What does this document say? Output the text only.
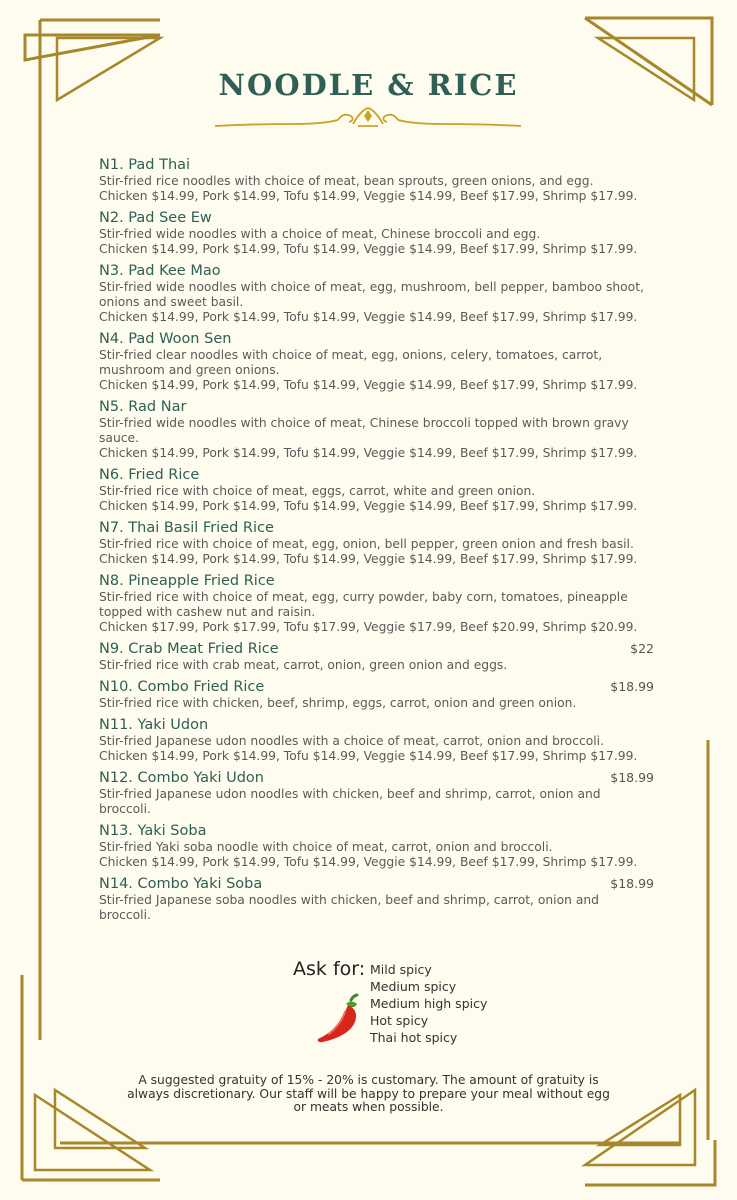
NOODLE & RICE
N1. Pad Thai
Stir-fried rice noodles with choice of meat, bean sprouts, green onions, and egg.
Chicken $14.99, Pork $14.99, Tofu $14.99, Veggie $14.99, Beef $17.99, Shrimp $17.99.
N2. Pad See Ew
Stir-fried wide noodles with a choice of meat, Chinese broccoli and egg.
Chicken $14.99, Pork $14.99, Tofu $14.99, Veggie $14.99, Beef $17.99, Shrimp $17.99.
N3. Pad Kee Mao
Stir-fried wide noodles with choice of meat, egg, mushroom, bell pepper, bamboo shoot, onions and sweet basil.
Chicken $14.99, Pork $14.99, Tofu $14.99, Veggie $14.99, Beef $17.99, Shrimp $17.99.
N4. Pad Woon Sen
Stir-fried clear noodles with choice of meat, egg, onions, celery, tomatoes, carrot, mushroom and green onions.
Chicken $14.99, Pork $14.99, Tofu $14.99, Veggie $14.99, Beef $17.99, Shrimp $17.99.
N5. Rad Nar
Stir-fried wide noodles with choice of meat, Chinese broccoli topped with brown gravy sauce.
Chicken $14.99, Pork $14.99, Tofu $14.99, Veggie $14.99, Beef $17.99, Shrimp $17.99.
N6. Fried Rice
Stir-fried rice with choice of meat, eggs, carrot, white and green onion.
Chicken $14.99, Pork $14.99, Tofu $14.99, Veggie $14.99, Beef $17.99, Shrimp $17.99.
N7. Thai Basil Fried Rice
Stir-fried rice with choice of meat, egg, onion, bell pepper, green onion and fresh basil.
Chicken $14.99, Pork $14.99, Tofu $14.99, Veggie $14.99, Beef $17.99, Shrimp $17.99.
N8. Pineapple Fried Rice
Stir-fried rice with choice of meat, egg, curry powder, baby corn, tomatoes, pineapple topped with cashew nut and raisin.
Chicken $17.99, Pork $17.99, Tofu $17.99, Veggie $17.99, Beef $20.99, Shrimp $20.99.
N9. Crab Meat Fried Rice	$22
Stir-fried rice with crab meat, carrot, onion, green onion and eggs.
N10. Combo Fried Rice	$18.99
Stir-fried rice with chicken, beef, shrimp, eggs, carrot, onion and green onion.
N11. Yaki Udon
Stir-fried Japanese udon noodles with a choice of meat, carrot, onion and broccoli.
Chicken $14.99, Pork $14.99, Tofu $14.99, Veggie $14.99, Beef $17.99, Shrimp $17.99.
N12. Combo Yaki Udon	$18.99
Stir-fried Japanese udon noodles with chicken, beef and shrimp, carrot, onion and broccoli.
N13. Yaki Soba
Stir-fried Yaki soba noodle with choice of meat, carrot, onion and broccoli.
Chicken $14.99, Pork $14.99, Tofu $14.99, Veggie $14.99, Beef $17.99, Shrimp $17.99.
N14. Combo Yaki Soba	$18.99
Stir-fried Japanese soba noodles with chicken, beef and shrimp, carrot, onion and broccoli.
Ask for: Mild spicy
Medium spicy
Medium high spicy
Hot spicy
Thai hot spicy
A suggested gratuity of 15% - 20% is customary. The amount of gratuity is always discretionary. Our staff will be happy to prepare your meal without egg or meats when possible.
